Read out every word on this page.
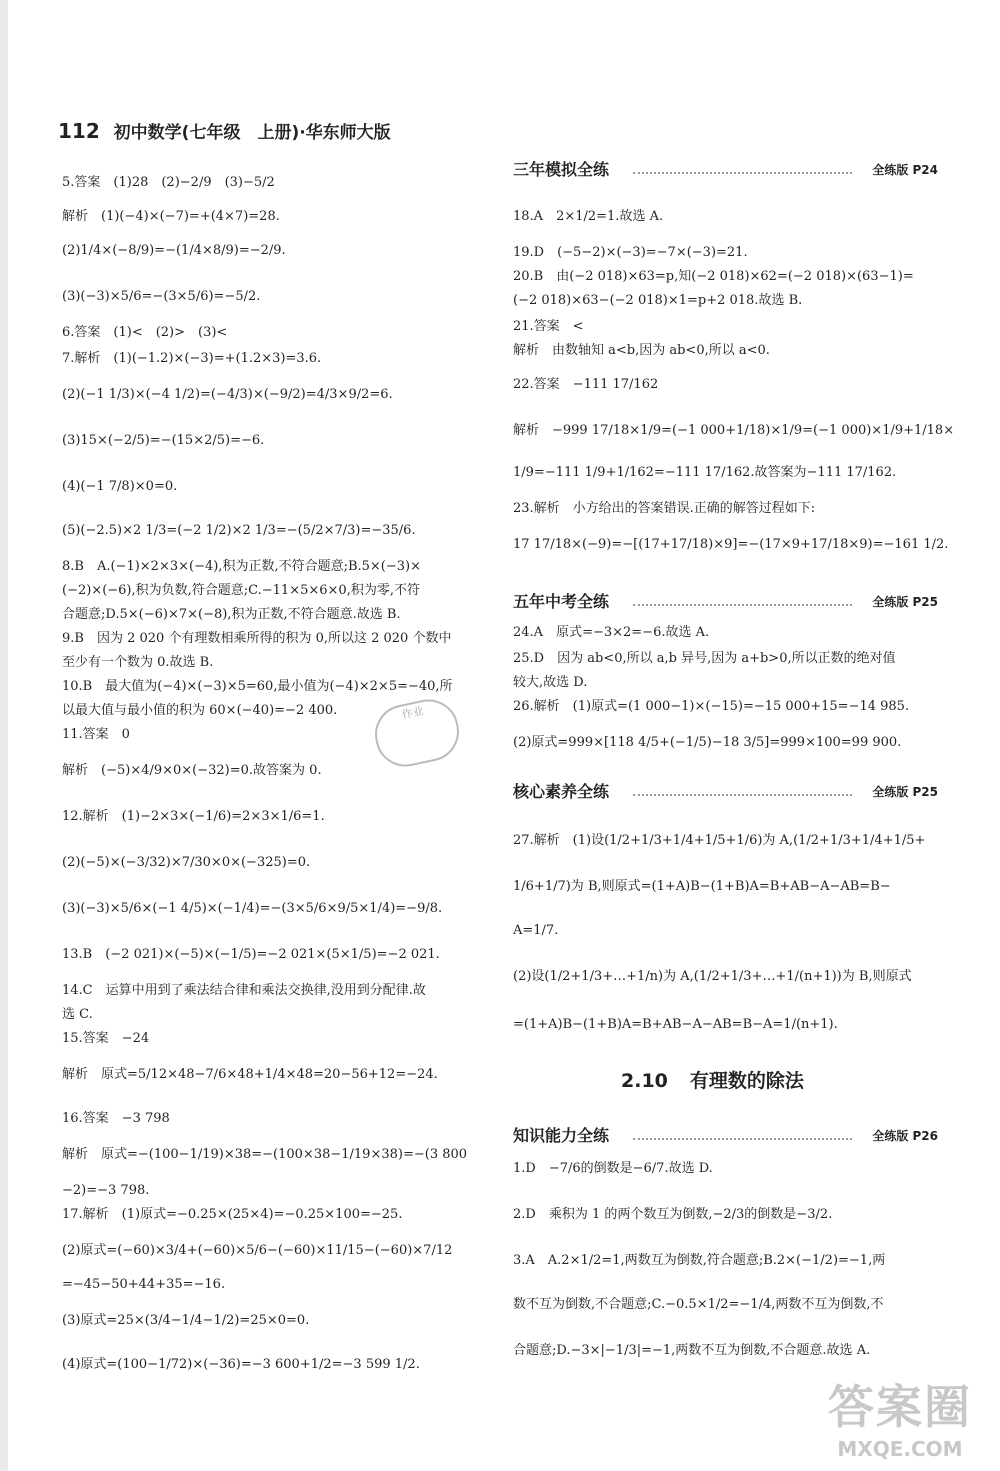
112 初中数学(七年级　上册)·华东师大版
5.答案　(1)28　(2)−2/9　(3)−5/2
解析　(1)(−4)×(−7)=+(4×7)=28.
(2)1/4×(−8/9)=−(1/4×8/9)=−2/9.
(3)(−3)×5/6=−(3×5/6)=−5/2.
6.答案　(1)<　(2)>　(3)<
7.解析　(1)(−1.2)×(−3)=+(1.2×3)=3.6.
(2)(−1 1/3)×(−4 1/2)=(−4/3)×(−9/2)=4/3×9/2=6.
(3)15×(−2/5)=−(15×2/5)=−6.
(4)(−1 7/8)×0=0.
(5)(−2.5)×2 1/3=(−2 1/2)×2 1/3=−(5/2×7/3)=−35/6.
8.B　A.(−1)×2×3×(−4),积为正数,不符合题意;B.5×(−3)×
(−2)×(−6),积为负数,符合题意;C.−11×5×6×0,积为零,不符
合题意;D.5×(−6)×7×(−8),积为正数,不符合题意.故选 B.
9.B　因为 2 020 个有理数相乘所得的积为 0,所以这 2 020 个数中
至少有一个数为 0.故选 B.
10.B　最大值为(−4)×(−3)×5=60,最小值为(−4)×2×5=−40,所
以最大值与最小值的积为 60×(−40)=−2 400.
11.答案　0
解析　(−5)×4/9×0×(−32)=0.故答案为 0.
12.解析　(1)−2×3×(−1/6)=2×3×1/6=1.
(2)(−5)×(−3/32)×7/30×0×(−325)=0.
(3)(−3)×5/6×(−1 4/5)×(−1/4)=−(3×5/6×9/5×1/4)=−9/8.
13.B　(−2 021)×(−5)×(−1/5)=−2 021×(5×1/5)=−2 021.
14.C　运算中用到了乘法结合律和乘法交换律,没用到分配律.故
选 C.
15.答案　−24
解析　原式=5/12×48−7/6×48+1/4×48=20−56+12=−24.
16.答案　−3 798
解析　原式=−(100−1/19)×38=−(100×38−1/19×38)=−(3 800
−2)=−3 798.
17.解析　(1)原式=−0.25×(25×4)=−0.25×100=−25.
(2)原式=(−60)×3/4+(−60)×5/6−(−60)×11/15−(−60)×7/12
=−45−50+44+35=−16.
(3)原式=25×(3/4−1/4−1/2)=25×0=0.
(4)原式=(100−1/72)×(−36)=−3 600+1/2=−3 599 1/2.
2.10 有理数的除法
18.A　2×1/2=1.故选 A.
19.D　(−5−2)×(−3)=−7×(−3)=21.
20.B　由(−2 018)×63=p,知(−2 018)×62=(−2 018)×(63−1)=
(−2 018)×63−(−2 018)×1=p+2 018.故选 B.
21.答案　<
解析　由数轴知 a<b,因为 ab<0,所以 a<0.
22.答案　−111 17/162
解析　−999 17/18×1/9=(−1 000+1/18)×1/9=(−1 000)×1/9+1/18×
1/9=−111 1/9+1/162=−111 17/162.故答案为−111 17/162.
23.解析　小方给出的答案错误.正确的解答过程如下:
17 17/18×(−9)=−[(17+17/18)×9]=−(17×9+17/18×9)=−161 1/2.
24.A　原式=−3×2=−6.故选 A.
25.D　因为 ab<0,所以 a,b 异号,因为 a+b>0,所以正数的绝对值
较大,故选 D.
26.解析　(1)原式=(1 000−1)×(−15)=−15 000+15=−14 985.
(2)原式=999×[118 4/5+(−1/5)−18 3/5]=999×100=99 900.
27.解析　(1)设(1/2+1/3+1/4+1/5+1/6)为 A,(1/2+1/3+1/4+1/5+
1/6+1/7)为 B,则原式=(1+A)B−(1+B)A=B+AB−A−AB=B−
A=1/7.
(2)设(1/2+1/3+…+1/n)为 A,(1/2+1/3+…+1/(n+1))为 B,则原式
=(1+A)B−(1+B)A=B+AB−A−AB=B−A=1/(n+1).
1.D　−7/6的倒数是−6/7.故选 D.
2.D　乘积为 1 的两个数互为倒数,−2/3的倒数是−3/2.
3.A　A.2×1/2=1,两数互为倒数,符合题意;B.2×(−1/2)=−1,两
数不互为倒数,不合题意;C.−0.5×1/2=−1/4,两数不互为倒数,不
合题意;D.−3×|−1/3|=−1,两数不互为倒数,不合题意.故选 A.
三年模拟全练	全练版 P24
五年中考全练	全练版 P25
核心素养全练	全练版 P25
知识能力全练	全练版 P26
作业
答案圈
MXQE.COM
